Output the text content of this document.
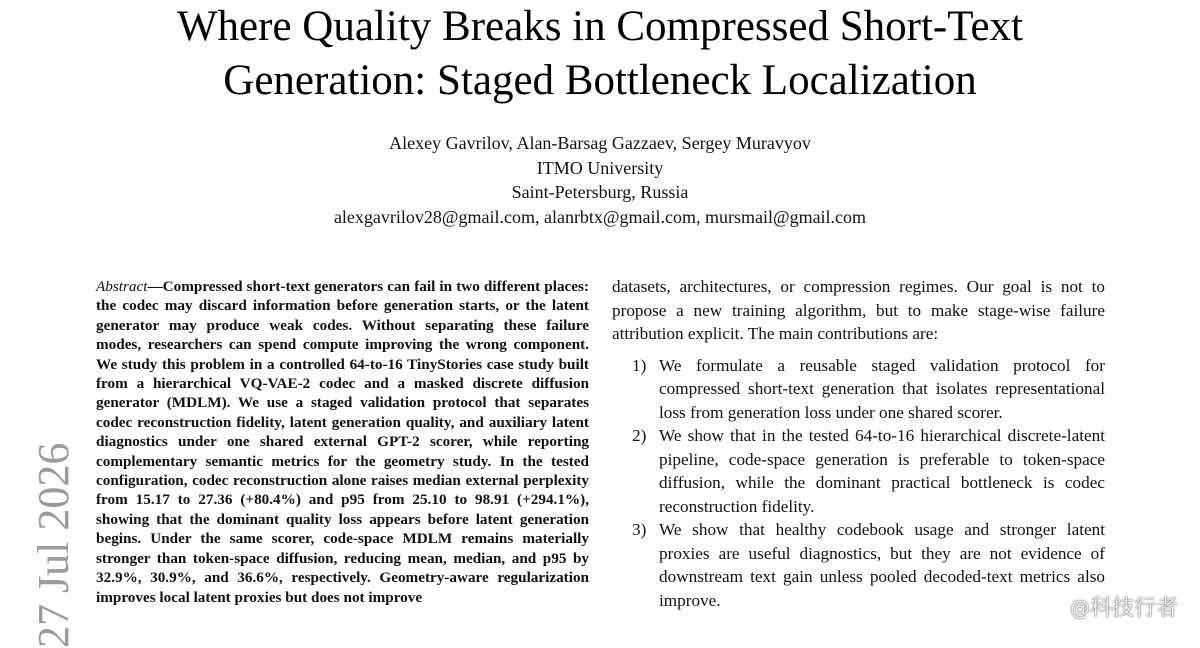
Where Quality Breaks in Compressed Short-Text
Generation: Staged Bottleneck Localization
Alexey Gavrilov, Alan-Barsag Gazzaev, Sergey Muravyov
ITMO University
Saint-Petersburg, Russia
alexgavrilov28@gmail.com, alanrbtx@gmail.com, mursmail@gmail.com
Abstract—Compressed short-text generators can fail in two different places: the codec may discard information before generation starts, or the latent generator may produce weak codes. Without separating these failure modes, researchers can spend compute improving the wrong component. We study this problem in a controlled 64-to-16 TinyStories case study built from a hierarchical VQ-VAE-2 codec and a masked discrete diffusion generator (MDLM). We use a staged validation protocol that separates codec reconstruction fidelity, latent generation quality, and auxiliary latent diagnostics under one shared external GPT-2 scorer, while reporting complementary semantic metrics for the geometry study. In the tested configuration, codec reconstruction alone raises median external perplexity from 15.17 to 27.36 (+80.4%) and p95 from 25.10 to 98.91 (+294.1%), showing that the dominant quality loss appears before latent generation begins. Under the same scorer, code-space MDLM remains materially stronger than token-space diffusion, reducing mean, median, and p95 by 32.9%, 30.9%, and 36.6%, respectively. Geometry-aware regularization improves local latent proxies but does not improve

datasets, architectures, or compression regimes. Our goal is not to propose a new training algorithm, but to make stage-wise failure attribution explicit. The main contributions are:

1) We formulate a reusable staged validation protocol for compressed short-text generation that isolates representational loss from generation loss under one shared scorer.
2) We show that in the tested 64-to-16 hierarchical discrete-latent pipeline, code-space generation is preferable to token-space diffusion, while the dominant practical bottleneck is codec reconstruction fidelity.
3) We show that healthy codebook usage and stronger latent proxies are useful diagnostics, but they are not evidence of downstream text gain unless pooled decoded-text metrics also improve.
27 Jul 2026	@科技行者
